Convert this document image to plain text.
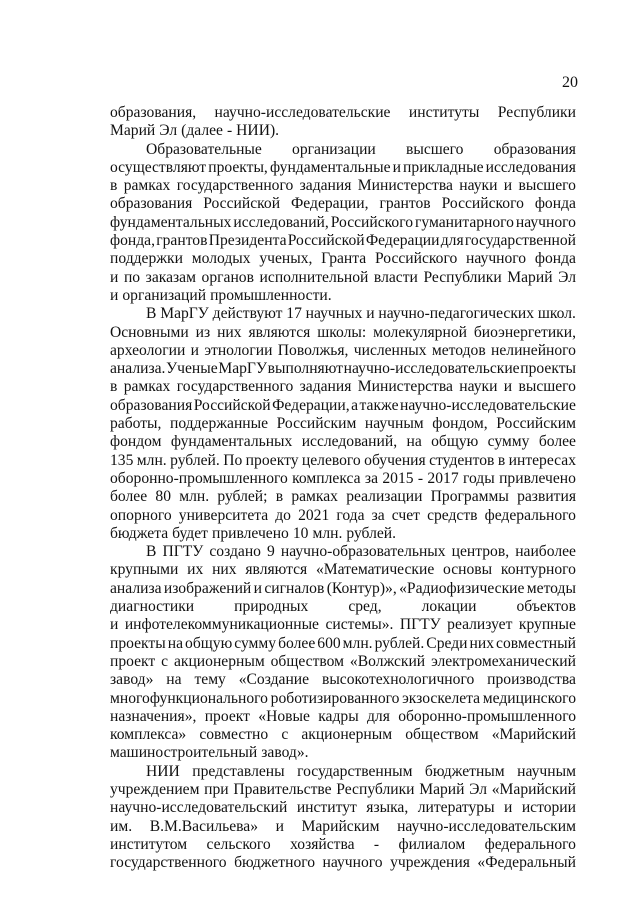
20
образования, научно-исследовательские институты Республики
Марий Эл (далее - НИИ).
Образовательные организации высшего образования
осуществляют проекты, фундаментальные и прикладные исследования
в рамках государственного задания Министерства науки и высшего
образования Российской Федерации, грантов Российского фонда
фундаментальных исследований, Российского гуманитарного научного
фонда, грантов Президента Российской Федерации для государственной
поддержки молодых ученых, Гранта Российского научного фонда
и по заказам органов исполнительной власти Республики Марий Эл
и организаций промышленности.
В МарГУ действуют 17 научных и научно-педагогических школ.
Основными из них являются школы: молекулярной биоэнергетики,
археологии и этнологии Поволжья, численных методов нелинейного
анализа. Ученые МарГУ выполняют научно-исследовательские проекты
в рамках государственного задания Министерства науки и высшего
образования Российской Федерации, а также научно-исследовательские
работы, поддержанные Российским научным фондом, Российским
фондом фундаментальных исследований, на общую сумму более
135 млн. рублей. По проекту целевого обучения студентов в интересах
оборонно-промышленного комплекса за 2015 - 2017 годы привлечено
более 80 млн. рублей; в рамках реализации Программы развития
опорного университета до 2021 года за счет средств федерального
бюджета будет привлечено 10 млн. рублей.
В ПГТУ создано 9 научно-образовательных центров, наиболее
крупными их них являются «Математические основы контурного
анализа изображений и сигналов (Контур)», «Радиофизические методы
диагностики	природных	сред,	локации	объектов
и инфотелекоммуникационные системы». ПГТУ реализует крупные
проекты на общую сумму более 600 млн. рублей. Среди них совместный
проект с акционерным обществом «Волжский электромеханический
завод» на тему «Создание высокотехнологичного производства
многофункционального роботизированного экзоскелета медицинского
назначения», проект «Новые кадры для оборонно-промышленного
комплекса» совместно с акционерным обществом «Марийский
машиностроительный завод».
НИИ представлены государственным бюджетным научным
учреждением при Правительстве Республики Марий Эл «Марийский
научно-исследовательский институт языка, литературы и истории
им. В.М.Васильева» и Марийским научно-исследовательским
институтом сельского хозяйства - филиалом федерального
государственного бюджетного научного учреждения «Федеральный
